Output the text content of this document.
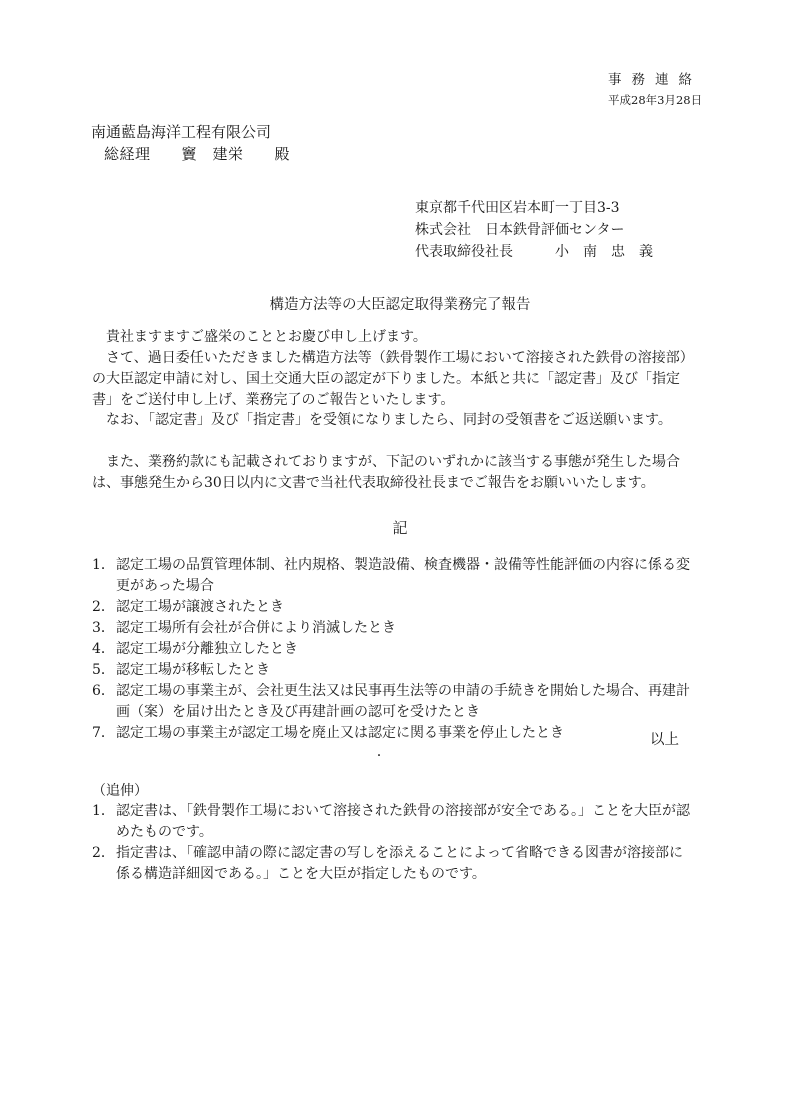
事務連絡
平成28年3月28日
南通藍島海洋工程有限公司
総経理　　竇　建栄　　殿
東京都千代田区岩本町一丁目3-3
株式会社　日本鉄骨評価センター
代表取締役社長　　　小　南　忠　義
構造方法等の大臣認定取得業務完了報告
　貴社ますますご盛栄のこととお慶び申し上げます。
　さて、過日委任いただきました構造方法等（鉄骨製作工場において溶接された鉄骨の溶接部）の大臣認定申請に対し、国土交通大臣の認定が下りました。本紙と共に「認定書」及び「指定書」をご送付申し上げ、業務完了のご報告といたします。
　なお、「認定書」及び「指定書」を受領になりましたら、同封の受領書をご返送願います。
　また、業務約款にも記載されておりますが、下記のいずれかに該当する事態が発生した場合は、事態発生から30日以内に文書で当社代表取締役社長までご報告をお願いいたします。
記
1． 認定工場の品質管理体制、社内規格、製造設備、検査機器・設備等性能評価の内容に係る変更があった場合
2． 認定工場が譲渡されたとき
3． 認定工場所有会社が合併により消滅したとき
4． 認定工場が分離独立したとき
5． 認定工場が移転したとき
6． 認定工場の事業主が、会社更生法又は民事再生法等の申請の手続きを開始した場合、再建計画（案）を届け出たとき及び再建計画の認可を受けたとき
7． 認定工場の事業主が認定工場を廃止又は認定に関る事業を停止したとき	以上
・
（追伸）
1． 認定書は、「鉄骨製作工場において溶接された鉄骨の溶接部が安全である。」ことを大臣が認めたものです。
2． 指定書は、「確認申請の際に認定書の写しを添えることによって省略できる図書が溶接部に係る構造詳細図である。」ことを大臣が指定したものです。
